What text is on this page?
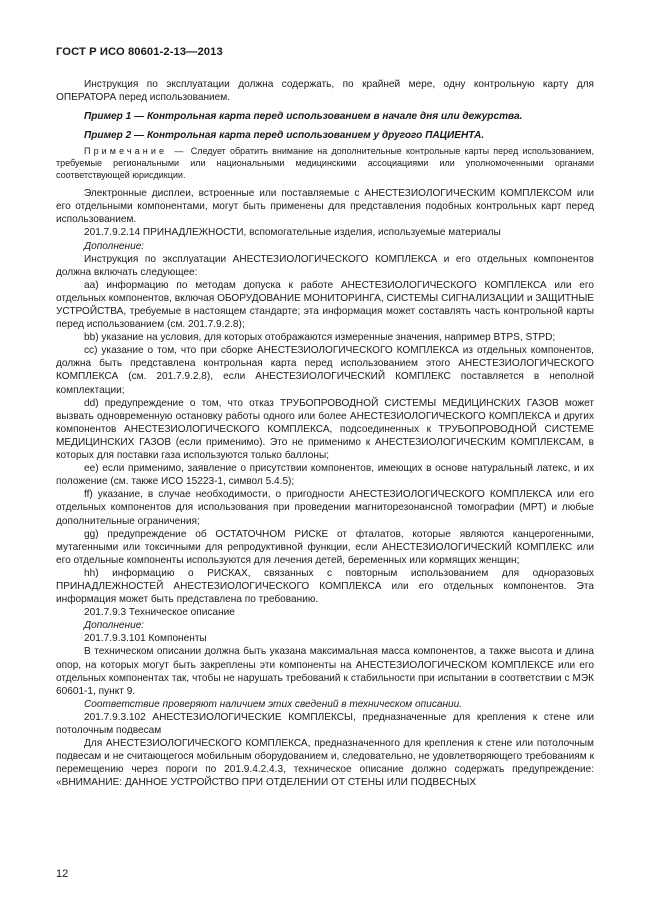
ГОСТ Р ИСО 80601-2-13—2013

Инструкция по эксплуатации должна содержать, по крайней мере, одну контрольную карту для ОПЕРАТОРА перед использованием.

Пример 1 — Контрольная карта перед использованием в начале дня или дежурства.

Пример 2 — Контрольная карта перед использованием у другого ПАЦИЕНТА.

Примечание — Следует обратить внимание на дополнительные контрольные карты перед использованием, требуемые региональными или национальными медицинскими ассоциациями или уполномоченными органами соответствующей юрисдикции.

Электронные дисплеи, встроенные или поставляемые с АНЕСТЕЗИОЛОГИЧЕСКИМ КОМПЛЕКСОМ или его отдельными компонентами, могут быть применены для представления подобных контрольных карт перед использованием.

201.7.9.2.14 ПРИНАДЛЕЖНОСТИ, вспомогательные изделия, используемые материалы

Дополнение:

Инструкция по эксплуатации АНЕСТЕЗИОЛОГИЧЕСКОГО КОМПЛЕКСА и его отдельных компонентов должна включать следующее:

аа) информацию по методам допуска к работе АНЕСТЕЗИОЛОГИЧЕСКОГО КОМПЛЕКСА или его отдельных компонентов, включая ОБОРУДОВАНИЕ МОНИТОРИНГА, СИСТЕМЫ СИГНАЛИЗАЦИИ и ЗАЩИТНЫЕ УСТРОЙСТВА, требуемые в настоящем стандарте; эта информация может составлять часть контрольной карты перед использованием (см. 201.7.9.2.8);

bb) указание на условия, для которых отображаются измеренные значения, например BTPS, STPD;

cc) указание о том, что при сборке АНЕСТЕЗИОЛОГИЧЕСКОГО КОМПЛЕКСА из отдельных компонентов, должна быть представлена контрольная карта перед использованием этого АНЕСТЕЗИОЛОГИЧЕСКОГО КОМПЛЕКСА (см. 201.7.9.2.8), если АНЕСТЕЗИОЛОГИЧЕСКИЙ КОМПЛЕКС поставляется в неполной комплектации;

dd) предупреждение о том, что отказ ТРУБОПРОВОДНОЙ СИСТЕМЫ МЕДИЦИНСКИХ ГАЗОВ может вызвать одновременную остановку работы одного или более АНЕСТЕЗИОЛОГИЧЕСКОГО КОМПЛЕКСА и других компонентов АНЕСТЕЗИОЛОГИЧЕСКОГО КОМПЛЕКСА, подсоединенных к ТРУБОПРОВОДНОЙ СИСТЕМЕ МЕДИЦИНСКИХ ГАЗОВ (если применимо). Это не применимо к АНЕСТЕЗИОЛОГИЧЕСКИМ КОМПЛЕКСАМ, в которых для поставки газа используются только баллоны;

ee) если применимо, заявление о присутствии компонентов, имеющих в основе натуральный латекс, и их положение (см. также ИСО 15223-1, символ 5.4.5);

ff) указание, в случае необходимости, о пригодности АНЕСТЕЗИОЛОГИЧЕСКОГО КОМПЛЕКСА или его отдельных компонентов для использования при проведении магниторезонансной томографии (МРТ) и любые дополнительные ограничения;

gg) предупреждение об ОСТАТОЧНОМ РИСКЕ от фталатов, которые являются канцерогенными, мутагенными или токсичными для репродуктивной функции, если АНЕСТЕЗИОЛОГИЧЕСКИЙ КОМПЛЕКС или его отдельные компоненты используются для лечения детей, беременных или кормящих женщин;

hh) информацию о РИСКАХ, связанных с повторным использованием для одноразовых ПРИНАДЛЕЖНОСТЕЙ АНЕСТЕЗИОЛОГИЧЕСКОГО КОМПЛЕКСА или его отдельных компонентов. Эта информация может быть представлена по требованию.

201.7.9.3 Техническое описание

Дополнение:

201.7.9.3.101 Компоненты

В техническом описании должна быть указана максимальная масса компонентов, а также высота и длина опор, на которых могут быть закреплены эти компоненты на АНЕСТЕЗИОЛОГИЧЕСКОМ КОМПЛЕКСЕ или его отдельных компонентах так, чтобы не нарушать требований к стабильности при испытании в соответствии с МЭК 60601-1, пункт 9.

Соответствие проверяют наличием этих сведений в техническом описании.

201.7.9.3.102 АНЕСТЕЗИОЛОГИЧЕСКИЕ КОМПЛЕКСЫ, предназначенные для крепления к стене или потолочным подвесам

Для АНЕСТЕЗИОЛОГИЧЕСКОГО КОМПЛЕКСА, предназначенного для крепления к стене или потолочным подвесам и не считающегося мобильным оборудованием и, следовательно, не удовлетворяющего требованиям к перемещению через пороги по 201.9.4.2.4.3, техническое описание должно содержать предупреждение: «ВНИМАНИЕ: ДАННОЕ УСТРОЙСТВО ПРИ ОТДЕЛЕНИИ ОТ СТЕНЫ ИЛИ ПОДВЕСНЫХ

12
